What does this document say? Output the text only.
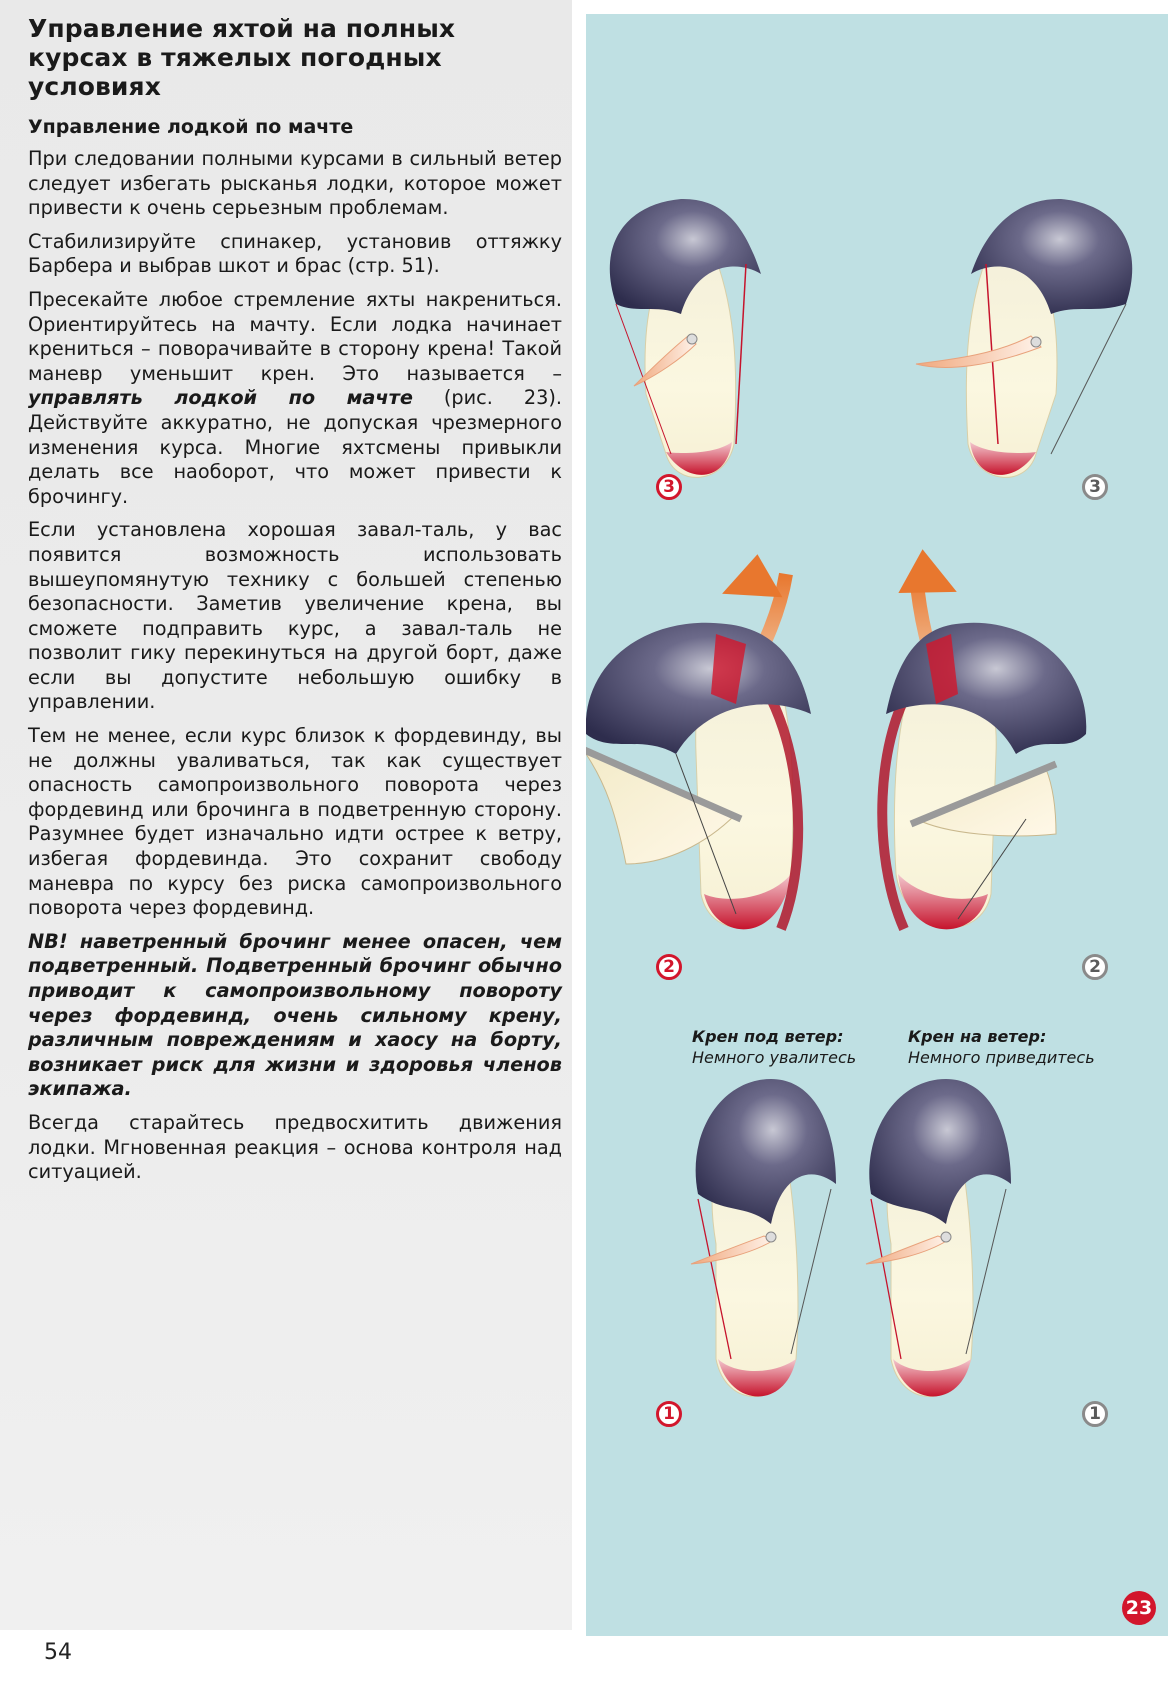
Управление яхтой на полных курсах в тяжелых погодных условиях
Управление лодкой по мачте

При следовании полными курсами в сильный ветер следует избегать рысканья лодки, которое может привести к очень серьезным проблемам.

Стабилизируйте спинакер, установив оттяжку Барбера и выбрав шкот и брас (стр. 51).

Пресекайте любое стремление яхты накрениться. Ориентируйтесь на мачту. Если лодка начинает крениться – поворачивайте в сторону крена! Такой маневр уменьшит крен. Это называется – управлять лодкой по мачте (рис. 23). Действуйте аккуратно, не допуская чрезмерного изменения курса. Многие яхтсмены привыкли делать все наоборот, что может привести к брочингу.

Если установлена хорошая завал-таль, у вас появится возможность использовать вышеупомянутую технику с большей степенью безопасности. Заметив увеличение крена, вы сможете подправить курс, а завал-таль не позволит гику перекинуться на другой борт, даже если вы допустите небольшую ошибку в управлении.

Тем не менее, если курс близок к фордевинду, вы не должны уваливаться, так как существует опасность самопроизвольного поворота через фордевинд или брочинга в подветренную сторону. Разумнее будет изначально идти острее к ветру, избегая фордевинда. Это сохранит свободу маневра по курсу без риска самопроизвольного поворота через фордевинд.

NB! наветренный брочинг менее опасен, чем подветренный. Подветренный брочинг обычно приводит к самопроизвольному повороту через фордевинд, очень сильному крену, различным повреждениям и хаосу на борту, возникает риск для жизни и здоровья членов экипажа.

Всегда старайтесь предвосхитить движения лодки. Мгновенная реакция – основа контроля над ситуацией.

54
3	3
2	2
1	1
Крен под ветер:
Немного увалитесь
Крен на ветер:
Немного приведитесь
23
